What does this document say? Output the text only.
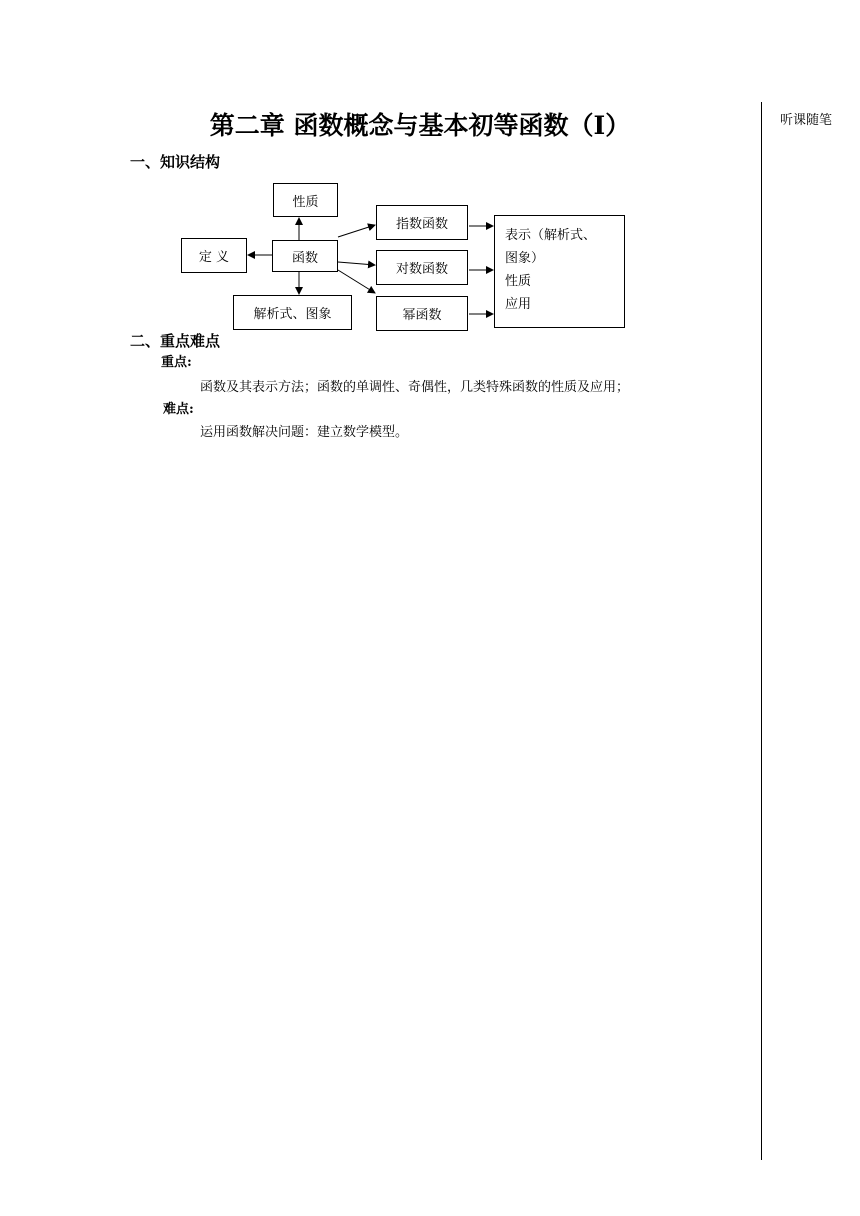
第二章 函数概念与基本初等函数（Ⅰ）	听课随笔
一、知识结构
性质
定 义	函数
解析式、图象
指数函数
对数函数
幂函数
表示（解析式、
图象）
性质
应用
二、重点难点
重点:
函数及其表示方法；函数的单调性、奇偶性，几类特殊函数的性质及应用；
难点:
运用函数解决问题：建立数学模型。
